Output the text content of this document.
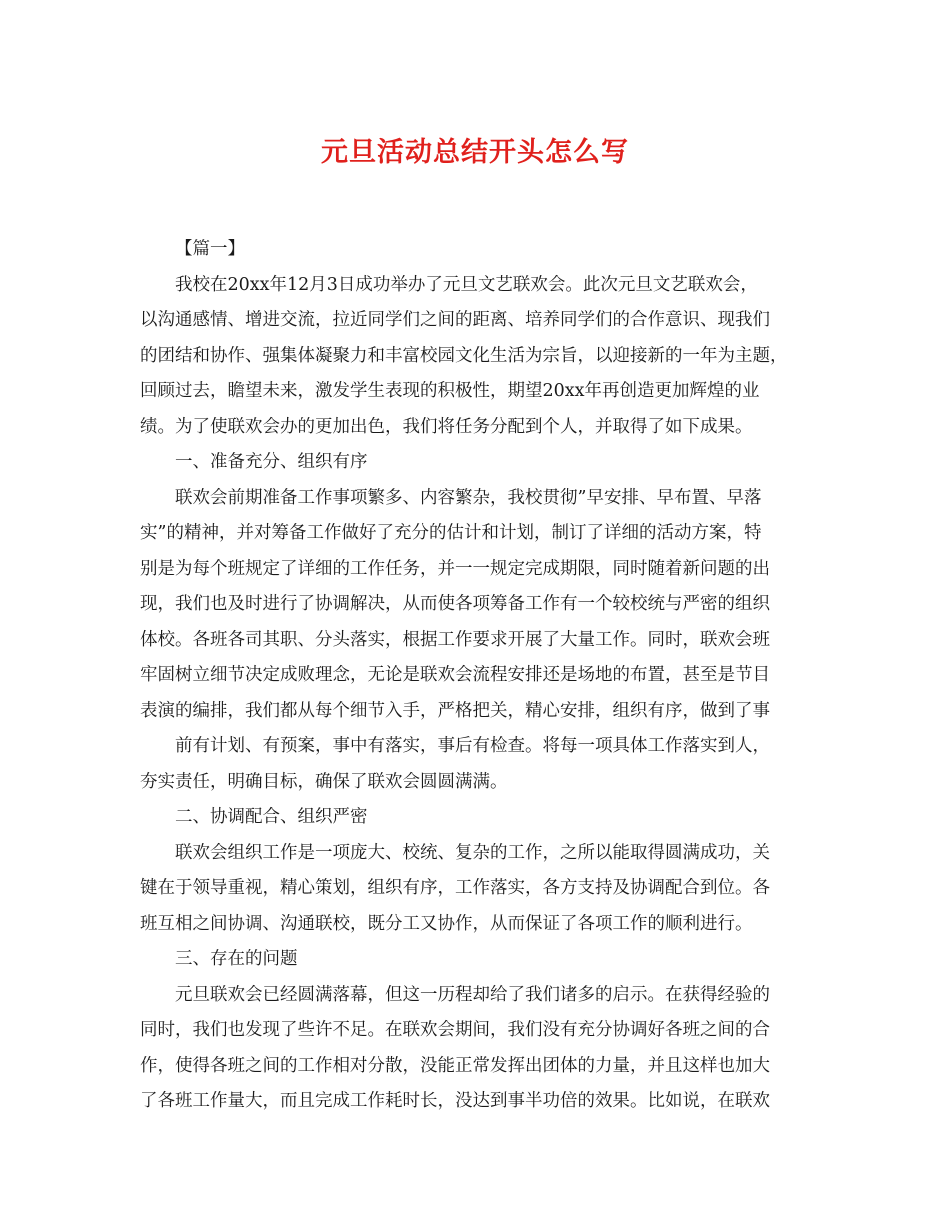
元旦活动总结开头怎么写
【篇一】
我校在20xx年12月3日成功举办了元旦文艺联欢会。此次元旦文艺联欢会，
以沟通感情、增进交流，拉近同学们之间的距离、培养同学们的合作意识、现我们
的团结和协作、强集体凝聚力和丰富校园文化生活为宗旨，以迎接新的一年为主题，
回顾过去，瞻望未来，激发学生表现的积极性，期望20xx年再创造更加辉煌的业
绩。为了使联欢会办的更加出色，我们将任务分配到个人，并取得了如下成果。
一、准备充分、组织有序
联欢会前期准备工作事项繁多、内容繁杂，我校贯彻”早安排、早布置、早落
实”的精神，并对筹备工作做好了充分的估计和计划，制订了详细的活动方案，特
别是为每个班规定了详细的工作任务，并一一规定完成期限，同时随着新问题的出
现，我们也及时进行了协调解决，从而使各项筹备工作有一个较校统与严密的组织
体校。各班各司其职、分头落实，根据工作要求开展了大量工作。同时，联欢会班
牢固树立细节决定成败理念，无论是联欢会流程安排还是场地的布置，甚至是节目
表演的编排，我们都从每个细节入手，严格把关，精心安排，组织有序，做到了事
前有计划、有预案，事中有落实，事后有检查。将每一项具体工作落实到人，
夯实责任，明确目标，确保了联欢会圆圆满满。
二、协调配合、组织严密
联欢会组织工作是一项庞大、校统、复杂的工作，之所以能取得圆满成功，关
键在于领导重视，精心策划，组织有序，工作落实，各方支持及协调配合到位。各
班互相之间协调、沟通联校，既分工又协作，从而保证了各项工作的顺利进行。
三、存在的问题
元旦联欢会已经圆满落幕，但这一历程却给了我们诸多的启示。在获得经验的
同时，我们也发现了些许不足。在联欢会期间，我们没有充分协调好各班之间的合
作，使得各班之间的工作相对分散，没能正常发挥出团体的力量，并且这样也加大
了各班工作量大，而且完成工作耗时长，没达到事半功倍的效果。比如说，在联欢
